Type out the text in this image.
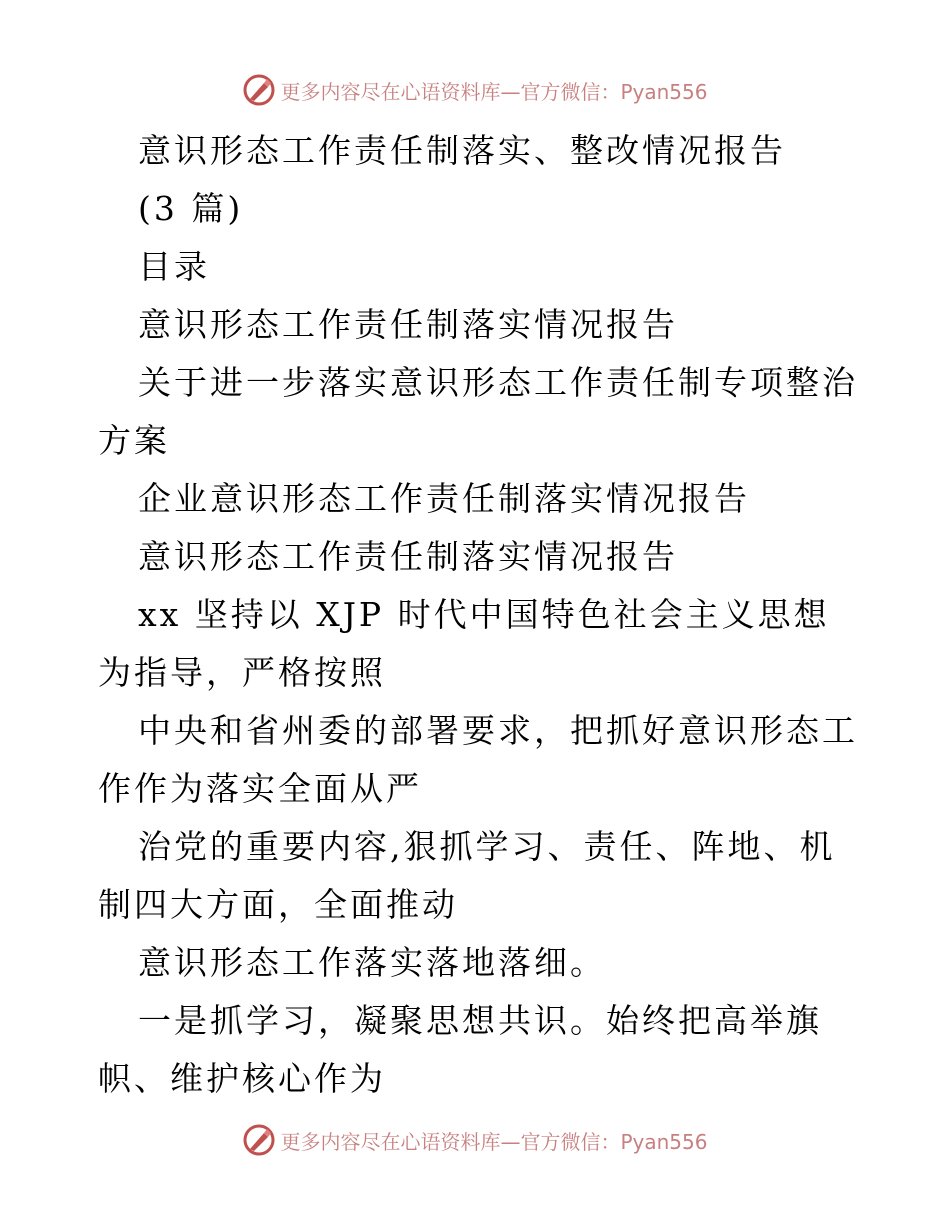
更多内容尽在心语资料库—官方微信：Pyan556

意识形态工作责任制落实、整改情况报告

(3 篇)

目录

意识形态工作责任制落实情况报告

关于进一步落实意识形态工作责任制专项整治方案

企业意识形态工作责任制落实情况报告

意识形态工作责任制落实情况报告

xx 坚持以 XJP 时代中国特色社会主义思想为指导，严格按照

中央和省州委的部署要求，把抓好意识形态工作作为落实全面从严

治党的重要内容,狠抓学习、责任、阵地、机制四大方面，全面推动

意识形态工作落实落地落细。

一是抓学习，凝聚思想共识。始终把高举旗帜、维护核心作为

更多内容尽在心语资料库—官方微信：Pyan556
